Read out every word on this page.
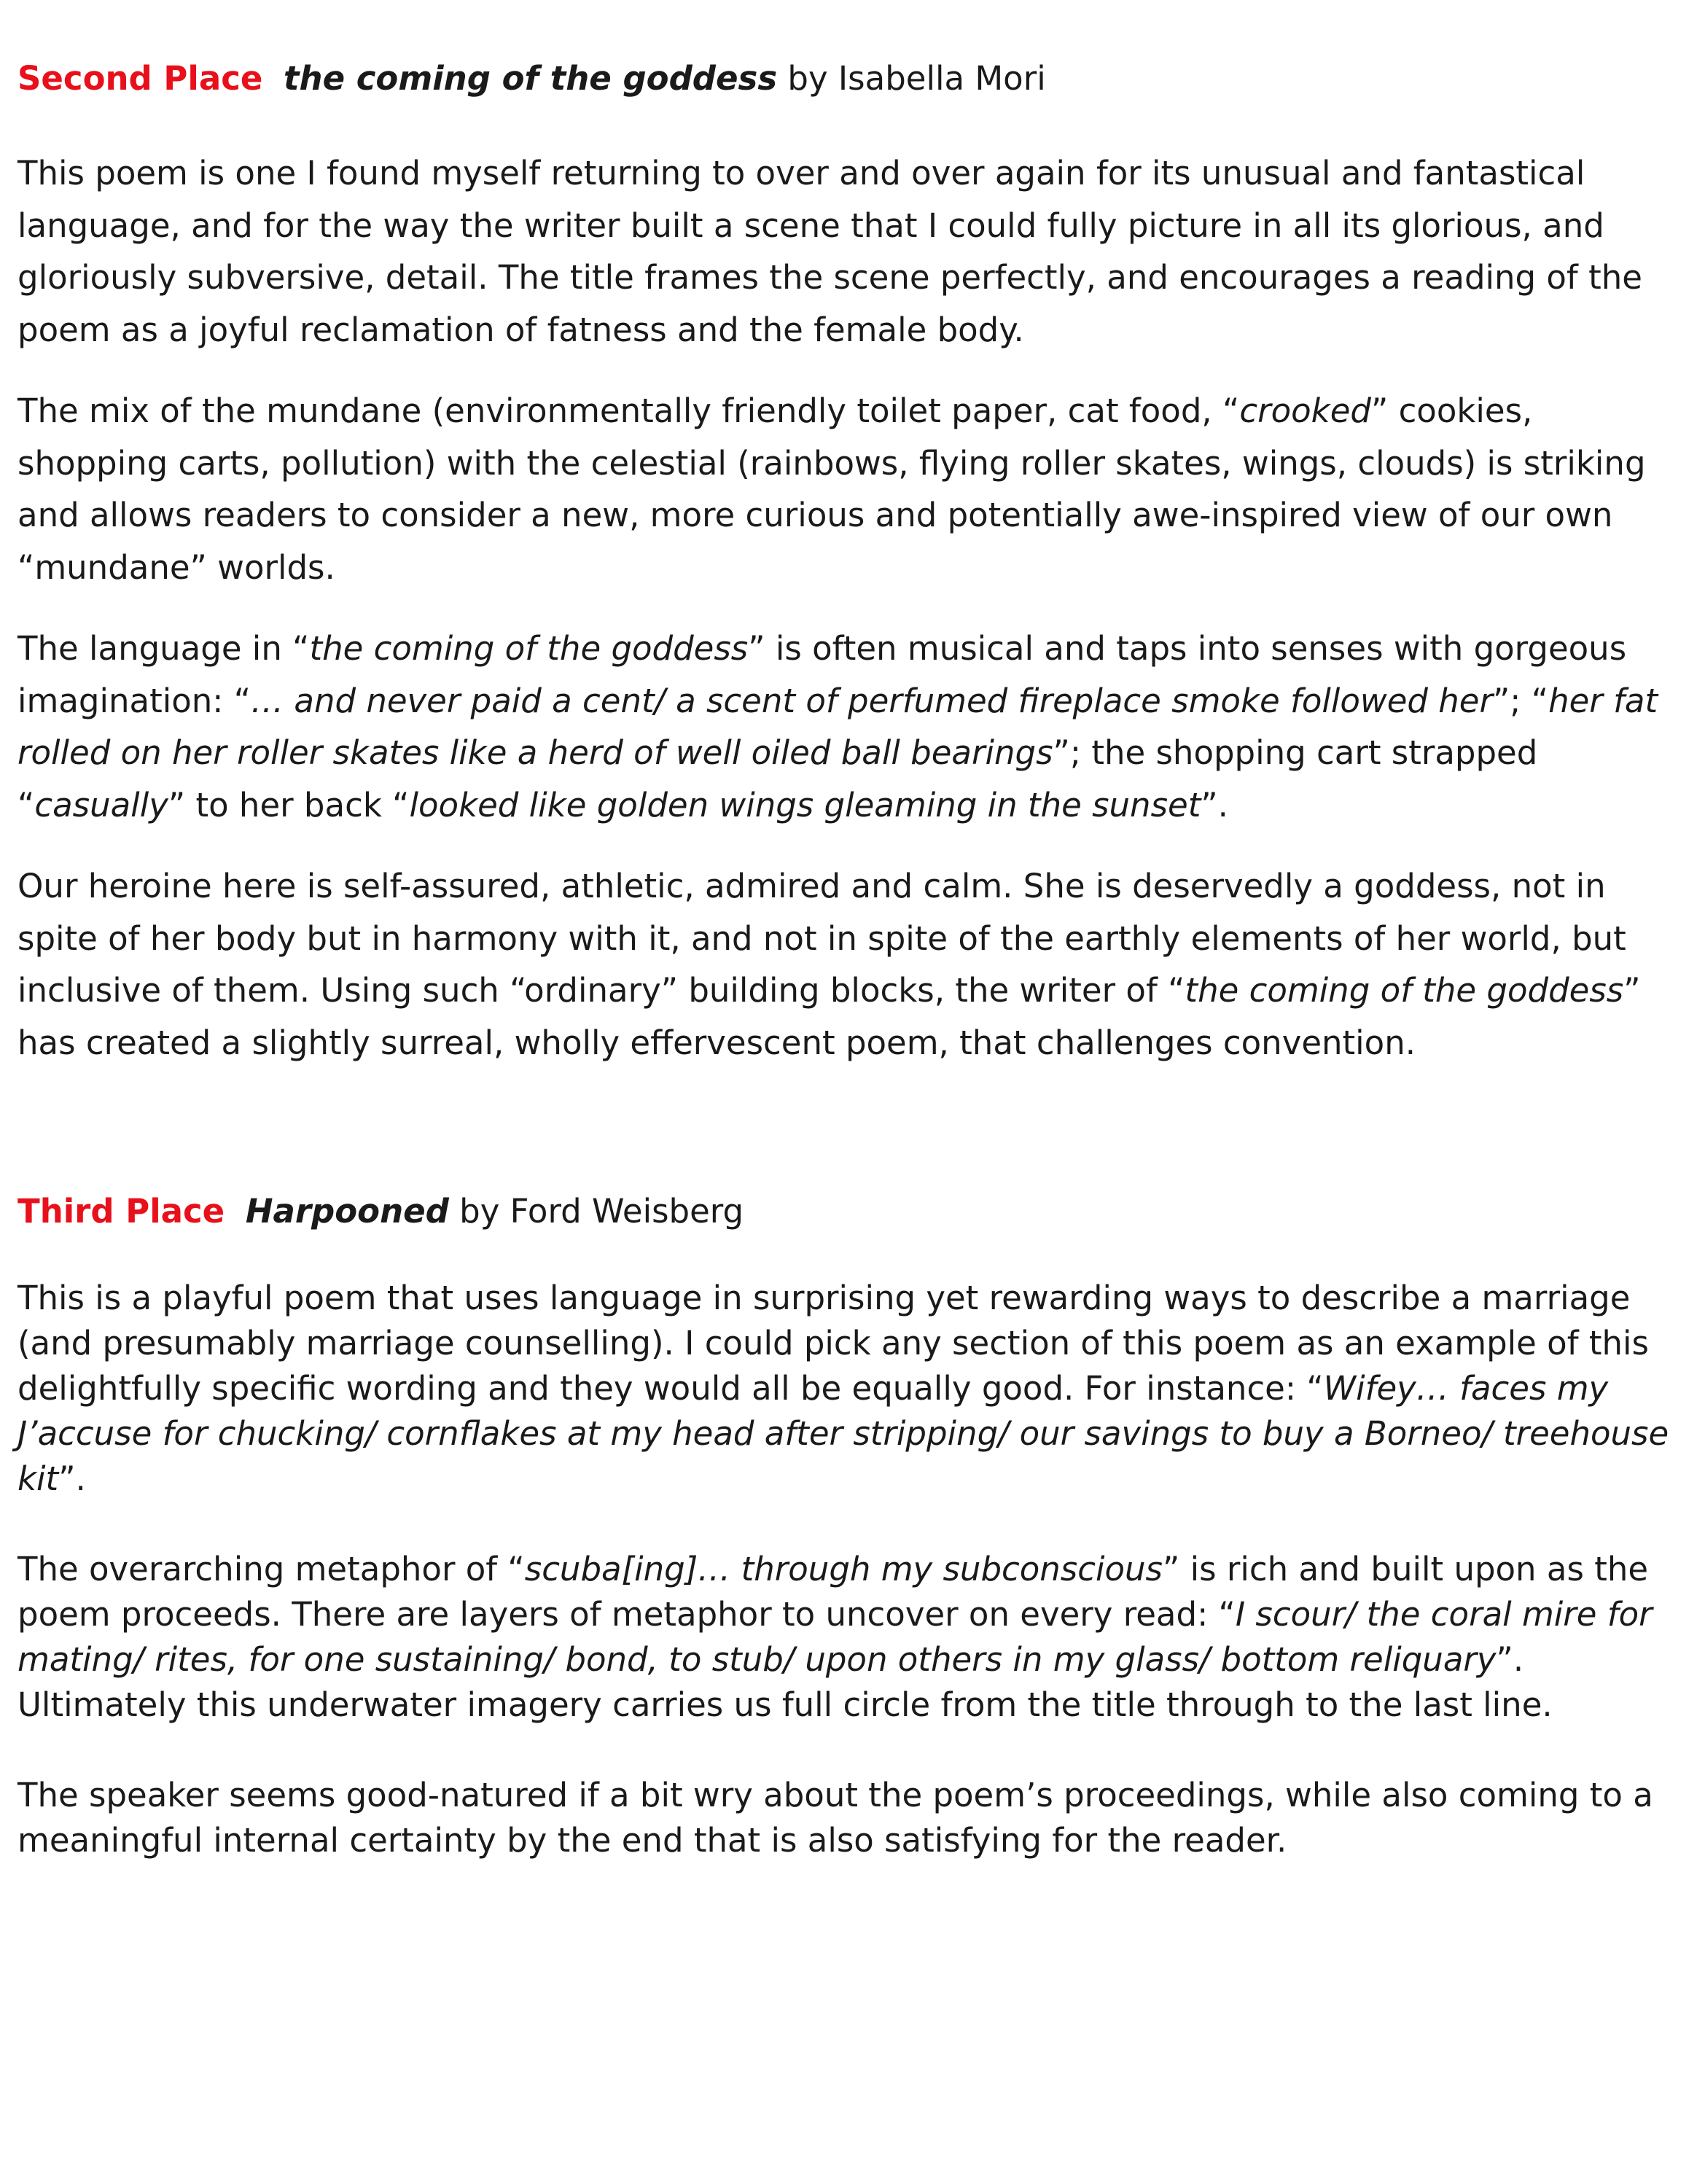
Second Place the coming of the goddess by Isabella Mori

This poem is one I found myself returning to over and over again for its unusual and fantastical language, and for the way the writer built a scene that I could fully picture in all its glorious, and gloriously subversive, detail. The title frames the scene perfectly, and encourages a reading of the poem as a joyful reclamation of fatness and the female body.

The mix of the mundane (environmentally friendly toilet paper, cat food, “crooked” cookies, shopping carts, pollution) with the celestial (rainbows, flying roller skates, wings, clouds) is striking and allows readers to consider a new, more curious and potentially awe-inspired view of our own “mundane” worlds.

The language in “the coming of the goddess” is often musical and taps into senses with gorgeous imagination: “… and never paid a cent/ a scent of perfumed fireplace smoke followed her”; “her fat rolled on her roller skates like a herd of well oiled ball bearings”; the shopping cart strapped “casually” to her back “looked like golden wings gleaming in the sunset”.

Our heroine here is self-assured, athletic, admired and calm. She is deservedly a goddess, not in spite of her body but in harmony with it, and not in spite of the earthly elements of her world, but inclusive of them. Using such “ordinary” building blocks, the writer of “the coming of the goddess” has created a slightly surreal, wholly effervescent poem, that challenges convention.

Third Place Harpooned by Ford Weisberg

This is a playful poem that uses language in surprising yet rewarding ways to describe a marriage (and presumably marriage counselling). I could pick any section of this poem as an example of this delightfully specific wording and they would all be equally good. For instance: “Wifey… faces my J’accuse for chucking/ cornflakes at my head after stripping/ our savings to buy a Borneo/ treehouse kit”.

The overarching metaphor of “scuba[ing]… through my subconscious” is rich and built upon as the poem proceeds. There are layers of metaphor to uncover on every read: “I scour/ the coral mire for mating/ rites, for one sustaining/ bond, to stub/ upon others in my glass/ bottom reliquary”. Ultimately this underwater imagery carries us full circle from the title through to the last line.

The speaker seems good-natured if a bit wry about the poem’s proceedings, while also coming to a meaningful internal certainty by the end that is also satisfying for the reader.
